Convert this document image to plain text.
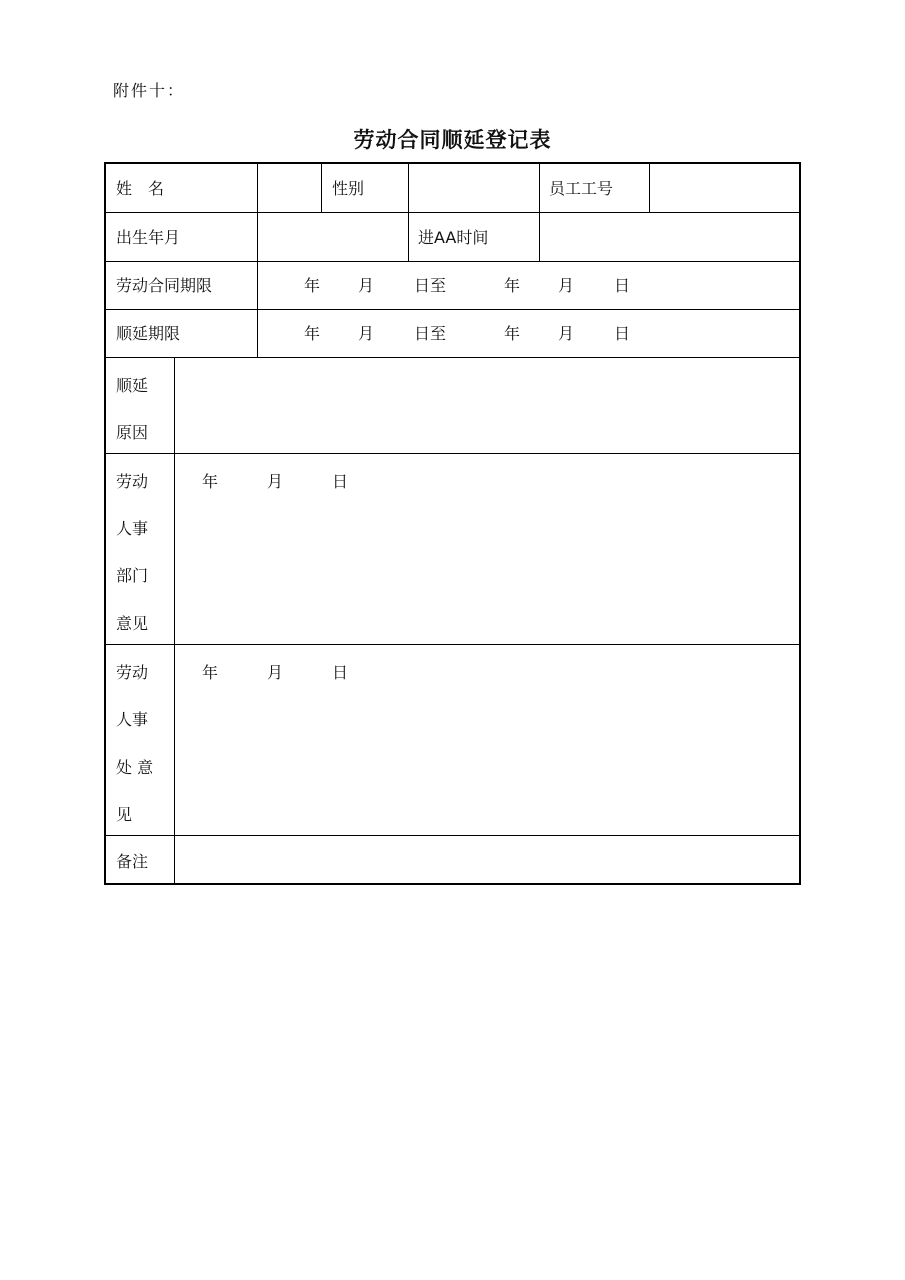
附件十：
劳动合同顺延登记表
姓　名	性别	员工工号
出生年月	进AA时间
劳动合同期限	年 月 日至	年 月 日
顺延期限	年 月 日至	年 月 日
顺延
原因
劳动
人事
部门
意见
年	月	日
劳动
人事
处 意
见
年	月	日
备注
